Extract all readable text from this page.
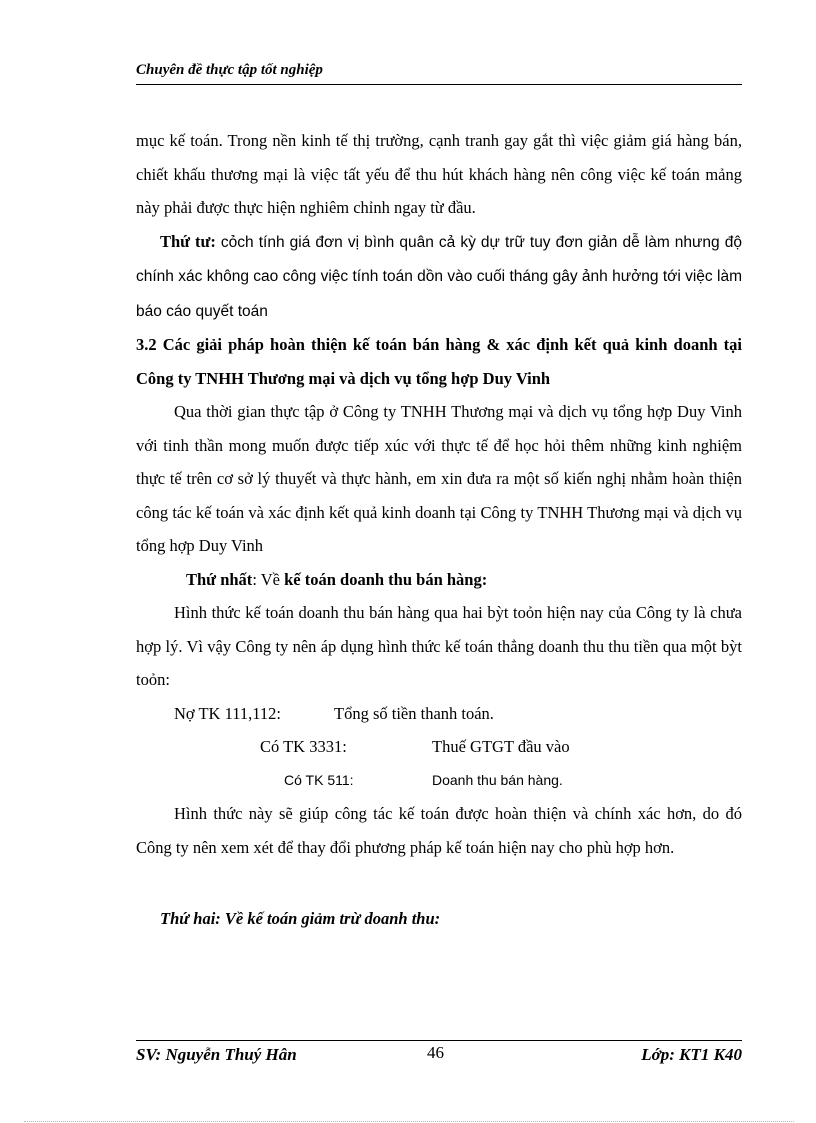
Chuyên đề thực tập tốt nghiệp

mục kế toán. Trong nền kinh tế thị trường, cạnh tranh gay gắt thì việc giảm giá hàng bán, chiết khấu thương mại là việc tất yếu để thu hút khách hàng nên công việc kế toán mảng này phải được thực hiện nghiêm chỉnh ngay từ đầu.

Thứ tư: cỏch tính giá đơn vị bình quân cả kỳ dự trữ tuy đơn giản dễ làm nhưng độ chính xác không cao công việc tính toán dồn vào cuối tháng gây ảnh hưởng tới việc làm báo cáo quyết toán

3.2 Các giải pháp hoàn thiện kế toán bán hàng & xác định kết quả kinh doanh tại Công ty TNHH Thương mại và dịch vụ tổng hợp Duy Vinh

Qua thời gian thực tập ở Công ty TNHH Thương mại và dịch vụ tổng hợp Duy Vinh với tinh thần mong muốn được tiếp xúc với thực tế để học hỏi thêm những kinh nghiệm thực tế trên cơ sở lý thuyết và thực hành, em xin đưa ra một số kiến nghị nhằm hoàn thiện công tác kế toán và xác định kết quả kinh doanh tại Công ty TNHH Thương mại và dịch vụ tổng hợp Duy Vinh

Thứ nhất: Về kế toán doanh thu bán hàng:

Hình thức kế toán doanh thu bán hàng qua hai bỳt toỏn hiện nay của Công ty là chưa hợp lý. Vì vậy Công ty nên áp dụng hình thức kế toán thẳng doanh thu thu tiền qua một bỳt toỏn:

Nợ TK 111,112:	Tổng số tiền thanh toán.
Có TK 3331:	Thuế GTGT đầu vào
Có TK 511:	Doanh thu bán hàng.

Hình thức này sẽ giúp công tác kế toán được hoàn thiện và chính xác hơn, do đó Công ty nên xem xét để thay đổi phương pháp kế toán hiện nay cho phù hợp hơn.

Thứ hai: Về kế toán giảm trừ doanh thu:

SV: Nguyễn Thuý Hân	46	Lớp: KT1 K40
